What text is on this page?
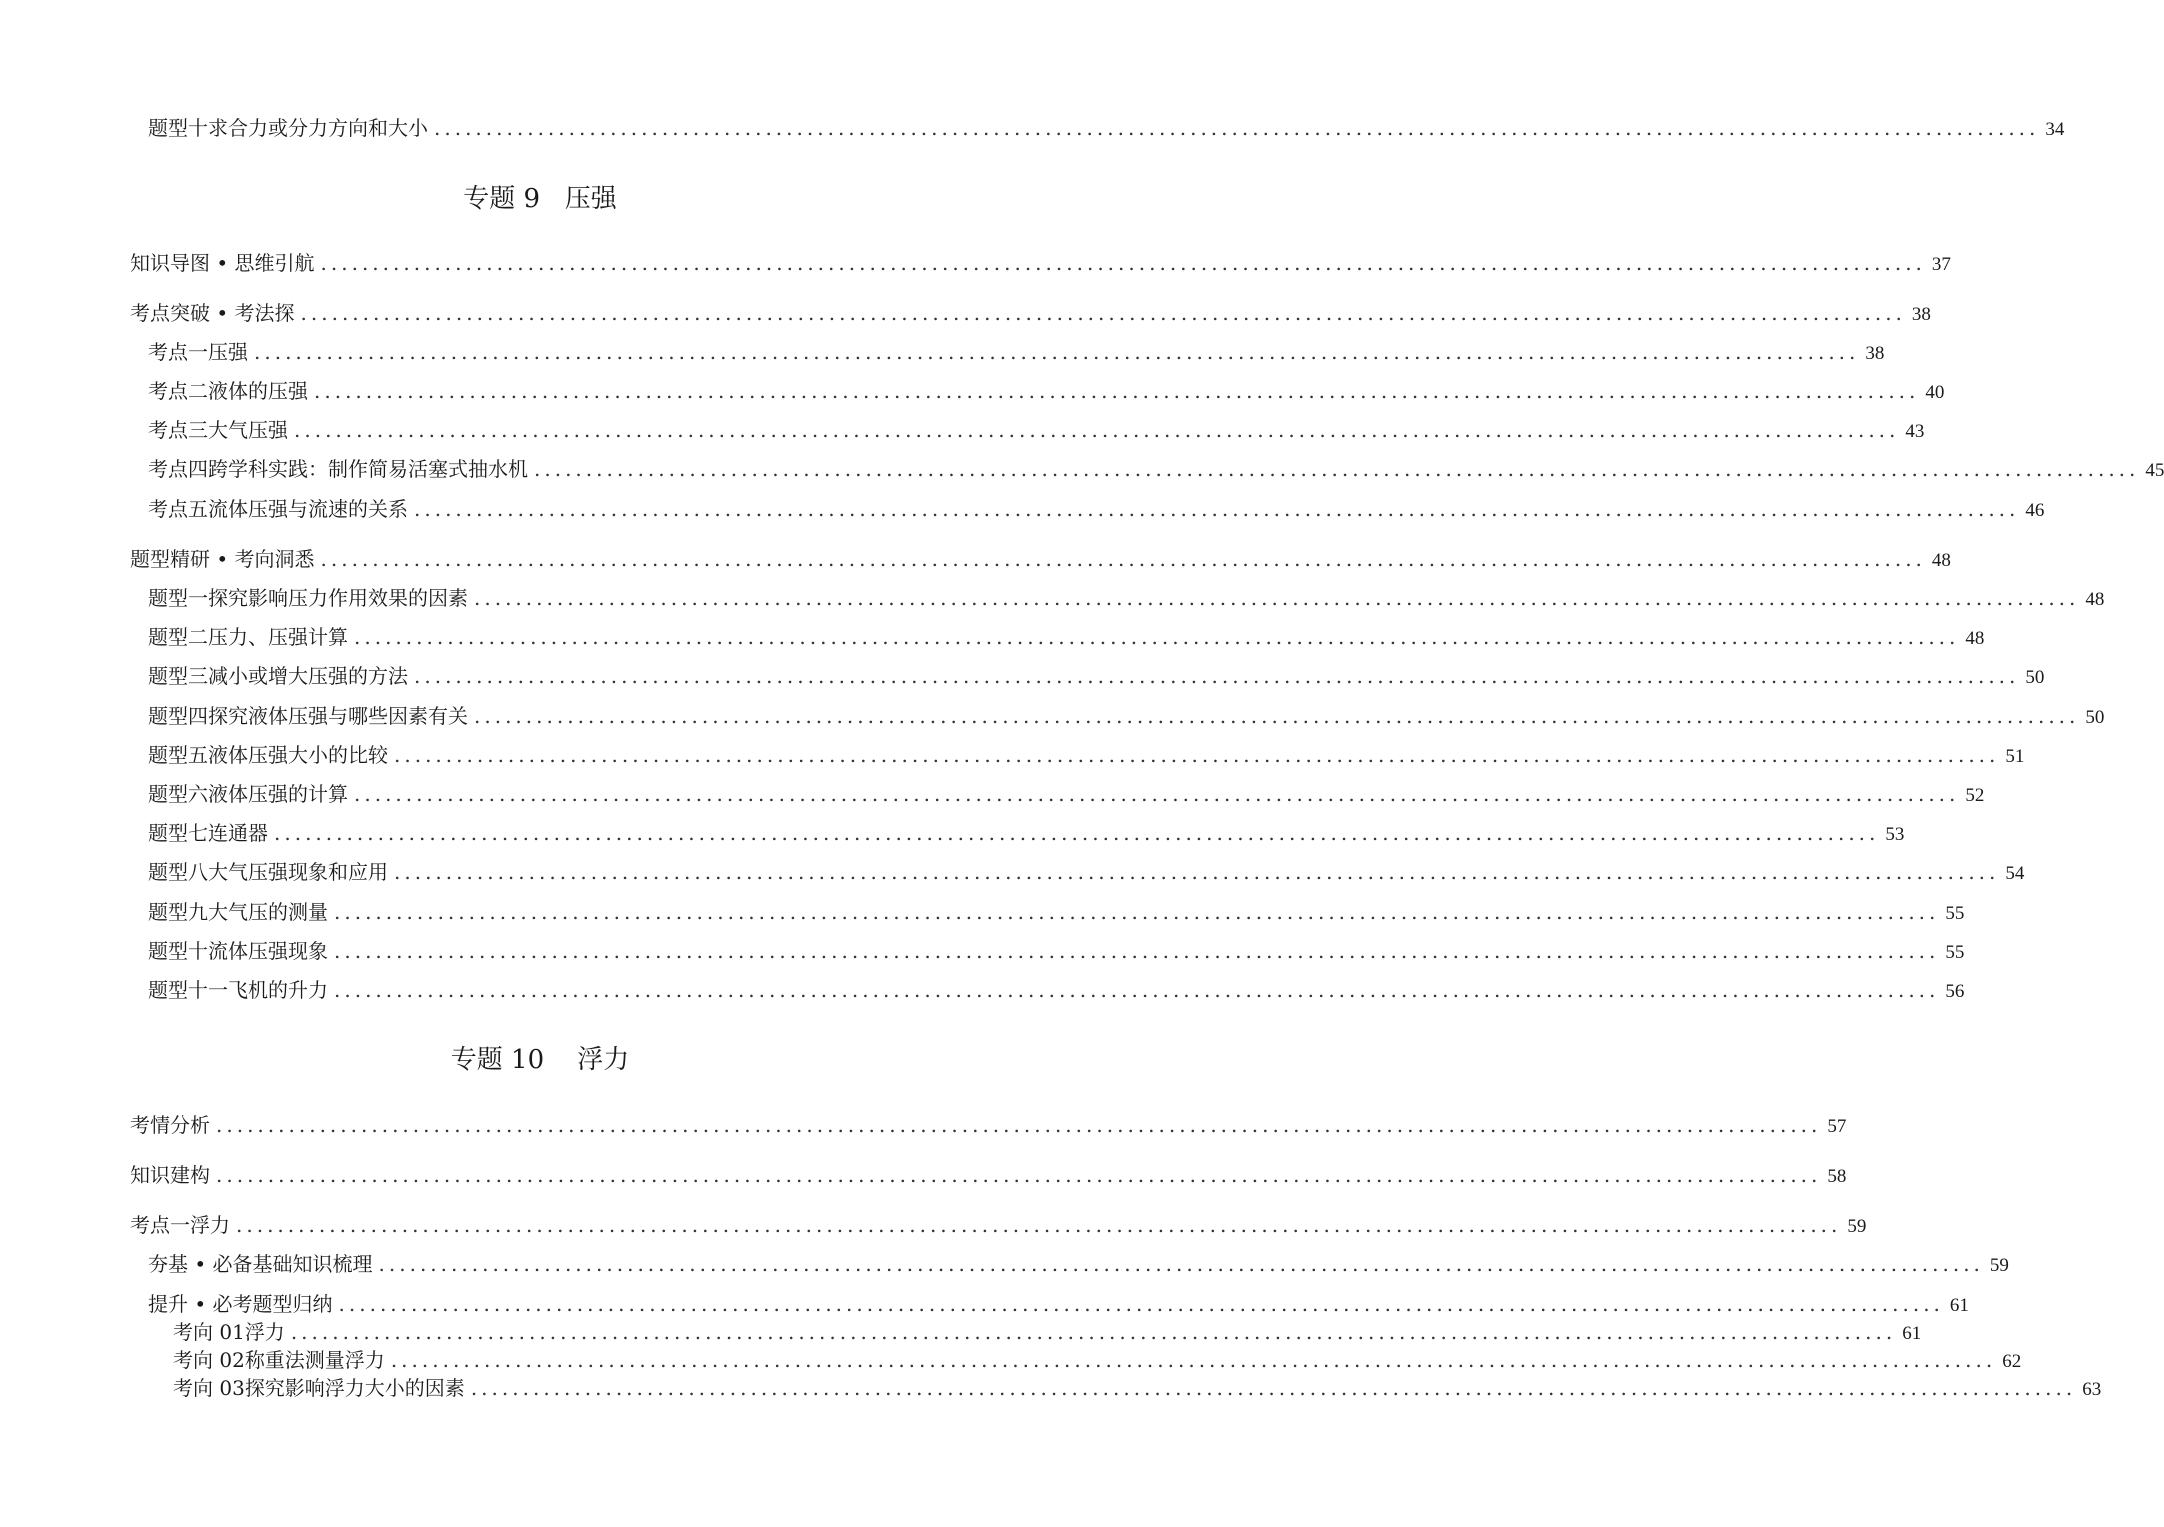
题型十 求合力或分力方向和大小 ........................................................................................................................................................... 34
专题 9 压强
知识导图 • 思维引航 ........................................................................................................................................................... 37
考点突破 • 考法探 ........................................................................................................................................................... 38
考点一 压强 ........................................................................................................................................................... 38
考点二 液体的压强 ........................................................................................................................................................... 40
考点三 大气压强 ........................................................................................................................................................... 43
考点四 跨学科实践：制作简易活塞式抽水机 ........................................................................................................................................................... 45
考点五 流体压强与流速的关系 ........................................................................................................................................................... 46
题型精研 • 考向洞悉 ........................................................................................................................................................... 48
题型一 探究影响压力作用效果的因素 ........................................................................................................................................................... 48
题型二 压力、压强计算 ........................................................................................................................................................... 48
题型三 减小或增大压强的方法 ........................................................................................................................................................... 50
题型四 探究液体压强与哪些因素有关 ........................................................................................................................................................... 50
题型五 液体压强大小的比较 ........................................................................................................................................................... 51
题型六 液体压强的计算 ........................................................................................................................................................... 52
题型七 连通器 ........................................................................................................................................................... 53
题型八 大气压强现象和应用 ........................................................................................................................................................... 54
题型九 大气压的测量 ........................................................................................................................................................... 55
题型十 流体压强现象 ........................................................................................................................................................... 55
题型十一 飞机的升力 ........................................................................................................................................................... 56
专题 10 浮力
考情分析 ........................................................................................................................................................... 57
知识建构 ........................................................................................................................................................... 58
考点一 浮力 ........................................................................................................................................................... 59
夯基 • 必备基础知识梳理 ........................................................................................................................................................... 59
提升 • 必考题型归纳 ........................................................................................................................................................... 61
考向 01 浮力 ........................................................................................................................................................... 61
考向 02 称重法测量浮力 ........................................................................................................................................................... 62
考向 03 探究影响浮力大小的因素 ........................................................................................................................................................... 63
